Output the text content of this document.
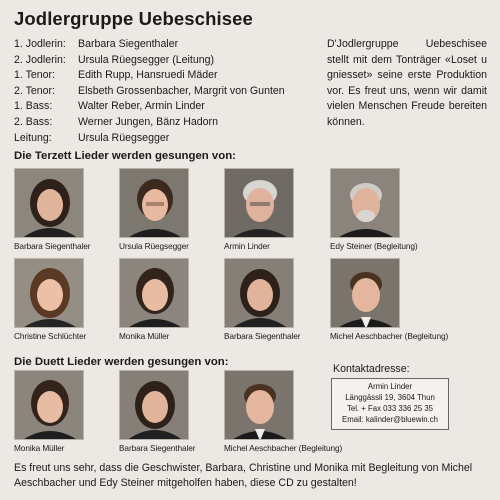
Jodlergruppe Uebeschisee
1. Jodlerin:	Barbara Siegenthaler
2. Jodlerin:	Ursula Rüegsegger (Leitung)
1. Tenor:	Edith Rupp, Hansruedi Mäder
2. Tenor:	Elsbeth Grossenbacher, Margrit von Gunten
1. Bass:	Walter Reber, Armin Linder
2. Bass:	Werner Jungen, Bänz Hadorn
Leitung:	Ursula Rüegsegger
D'Jodlergruppe Uebeschisee stellt mit dem Tonträger «Loset u gniesset» seine erste Produktion vor. Es freut uns, wenn wir damit vielen Menschen Freude bereiten können.
Die Terzett Lieder werden gesungen von:
Barbara Siegenthaler	Ursula Rüegsegger	Armin Linder	Edy Steiner (Begleitung)
Christine Schlüchter	Monika Müller	Barbara Siegenthaler	Michel Aeschbacher (Begleitung)
Die Duett Lieder werden gesungen von:
Monika Müller	Barbara Siegenthaler	Michel Aeschbacher (Begleitung)
Kontaktadresse:
Armin Linder
Länggässli 19, 3604 Thun
Tel. + Fax 033 336 25 35
Email: kalinder@bluewin.ch
Es freut uns sehr, dass die Geschwister, Barbara, Christine und Monika mit Begleitung von Michel Aeschbacher und Edy Steiner mitgeholfen haben, diese CD zu gestalten!
